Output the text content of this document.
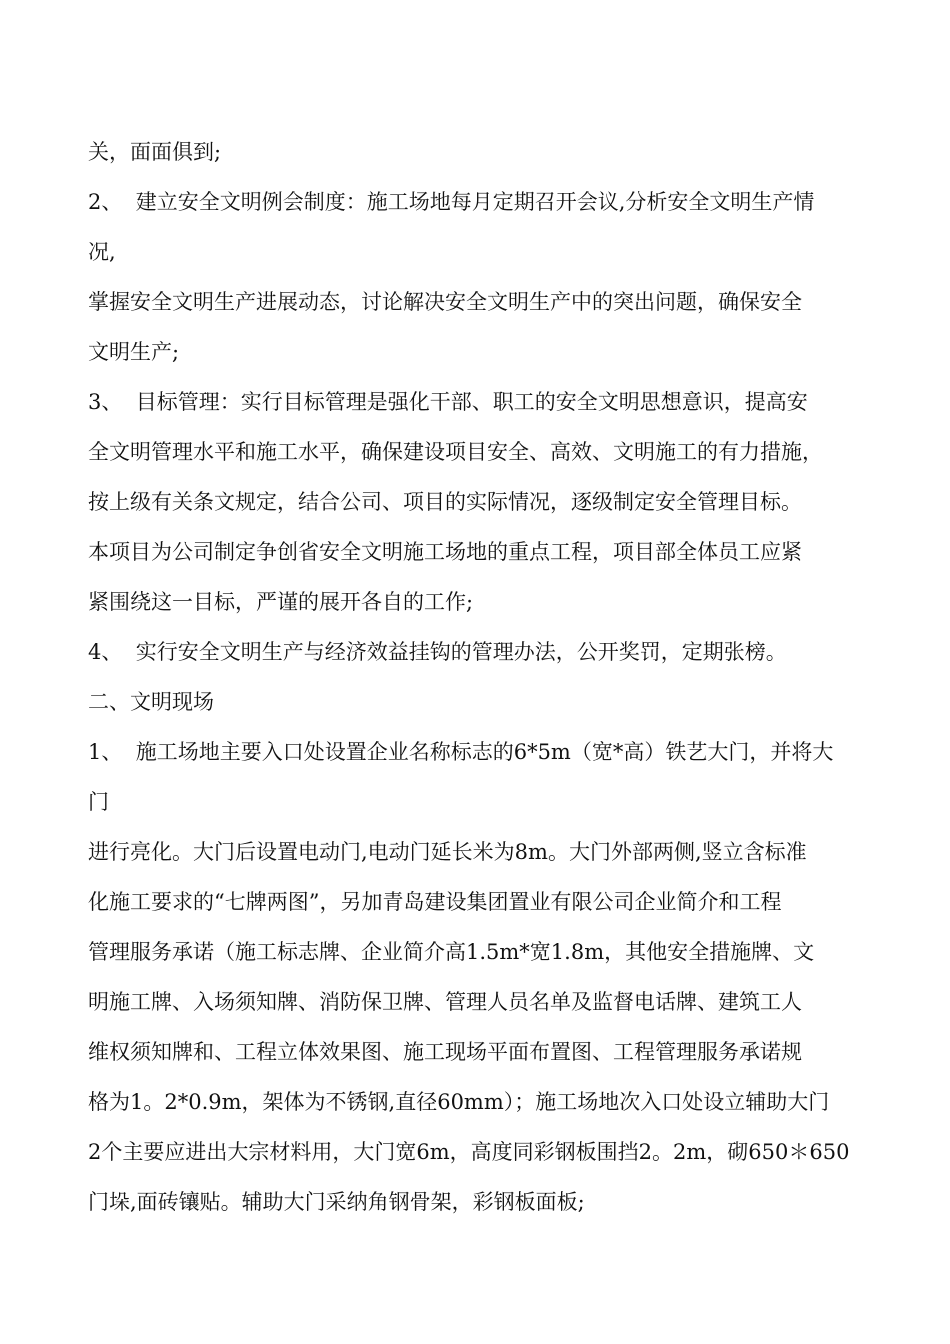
关，面面俱到;
2、  建立安全文明例会制度：施工场地每月定期召开会议,分析安全文明生产情
况,
掌握安全文明生产进展动态，讨论解决安全文明生产中的突出问题，确保安全
文明生产;
3、  目标管理：实行目标管理是强化干部、职工的安全文明思想意识，提高安
全文明管理水平和施工水平，确保建设项目安全、高效、文明施工的有力措施，
按上级有关条文规定，结合公司、项目的实际情况，逐级制定安全管理目标。
本项目为公司制定争创省安全文明施工场地的重点工程，项目部全体员工应紧
紧围绕这一目标，严谨的展开各自的工作;
4、  实行安全文明生产与经济效益挂钩的管理办法，公开奖罚，定期张榜。
二、文明现场
1、  施工场地主要入口处设置企业名称标志的6*5m（宽*高）铁艺大门，并将大
门
进行亮化。大门后设置电动门,电动门延长米为8m。大门外部两侧,竖立含标准
化施工要求的“七牌两图”，另加青岛建设集团置业有限公司企业简介和工程
管理服务承诺（施工标志牌、企业简介高1.5m*宽1.8m，其他安全措施牌、文
明施工牌、入场须知牌、消防保卫牌、管理人员名单及监督电话牌、建筑工人
维权须知牌和、工程立体效果图、施工现场平面布置图、工程管理服务承诺规
格为1。2*0.9m，架体为不锈钢,直径60mm）；施工场地次入口处设立辅助大门
2个主要应进出大宗材料用，大门宽6m，高度同彩钢板围挡2。2m，砌650＊650
门垛,面砖镶贴。辅助大门采纳角钢骨架，彩钢板面板;
